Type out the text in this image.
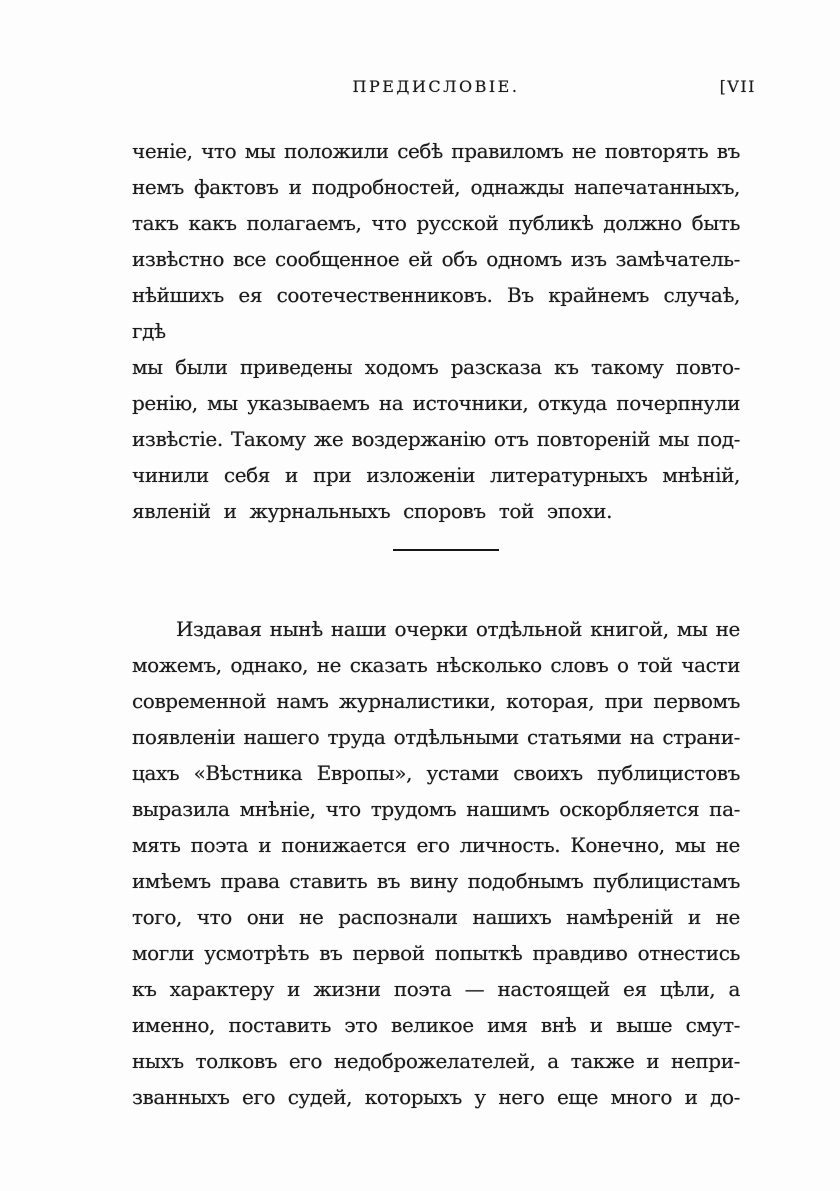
ПРЕДИСЛОВІЕ.	[VII
ченіе, что мы положили себѣ правиломъ не повторять въ
немъ фактовъ и подробностей, однажды напечатанныхъ,
такъ какъ полагаемъ, что русской публикѣ должно быть
извѣстно все сообщенное ей объ одномъ изъ замѣчатель-
нѣйшихъ ея соотечественниковъ. Въ крайнемъ случаѣ, гдѣ
мы были приведены ходомъ разсказа къ такому повто-
ренію, мы указываемъ на источники, откуда почерпнули
извѣстіе. Такому же воздержанію отъ повтореній мы под-
чинили себя и при изложеніи литературныхъ мнѣній,
явленій и журнальныхъ споровъ той эпохи.
Издавая нынѣ наши очерки отдѣльной книгой, мы не
можемъ, однако, не сказать нѣсколько словъ о той части
современной намъ журналистики, которая, при первомъ
появленіи нашего труда отдѣльными статьями на страни-
цахъ «Вѣстника Европы», устами своихъ публицистовъ
выразила мнѣніе, что трудомъ нашимъ оскорбляется па-
мять поэта и понижается его личность. Конечно, мы не
имѣемъ права ставить въ вину подобнымъ публицистамъ
того, что они не распознали нашихъ намѣреній и не
могли усмотрѣть въ первой попыткѣ правдиво отнестись
къ характеру и жизни поэта — настоящей ея цѣли, а
именно, поставить это великое имя внѣ и выше смут-
ныхъ толковъ его недоброжелателей, а также и непри-
званныхъ его судей, которыхъ у него еще много и до-
